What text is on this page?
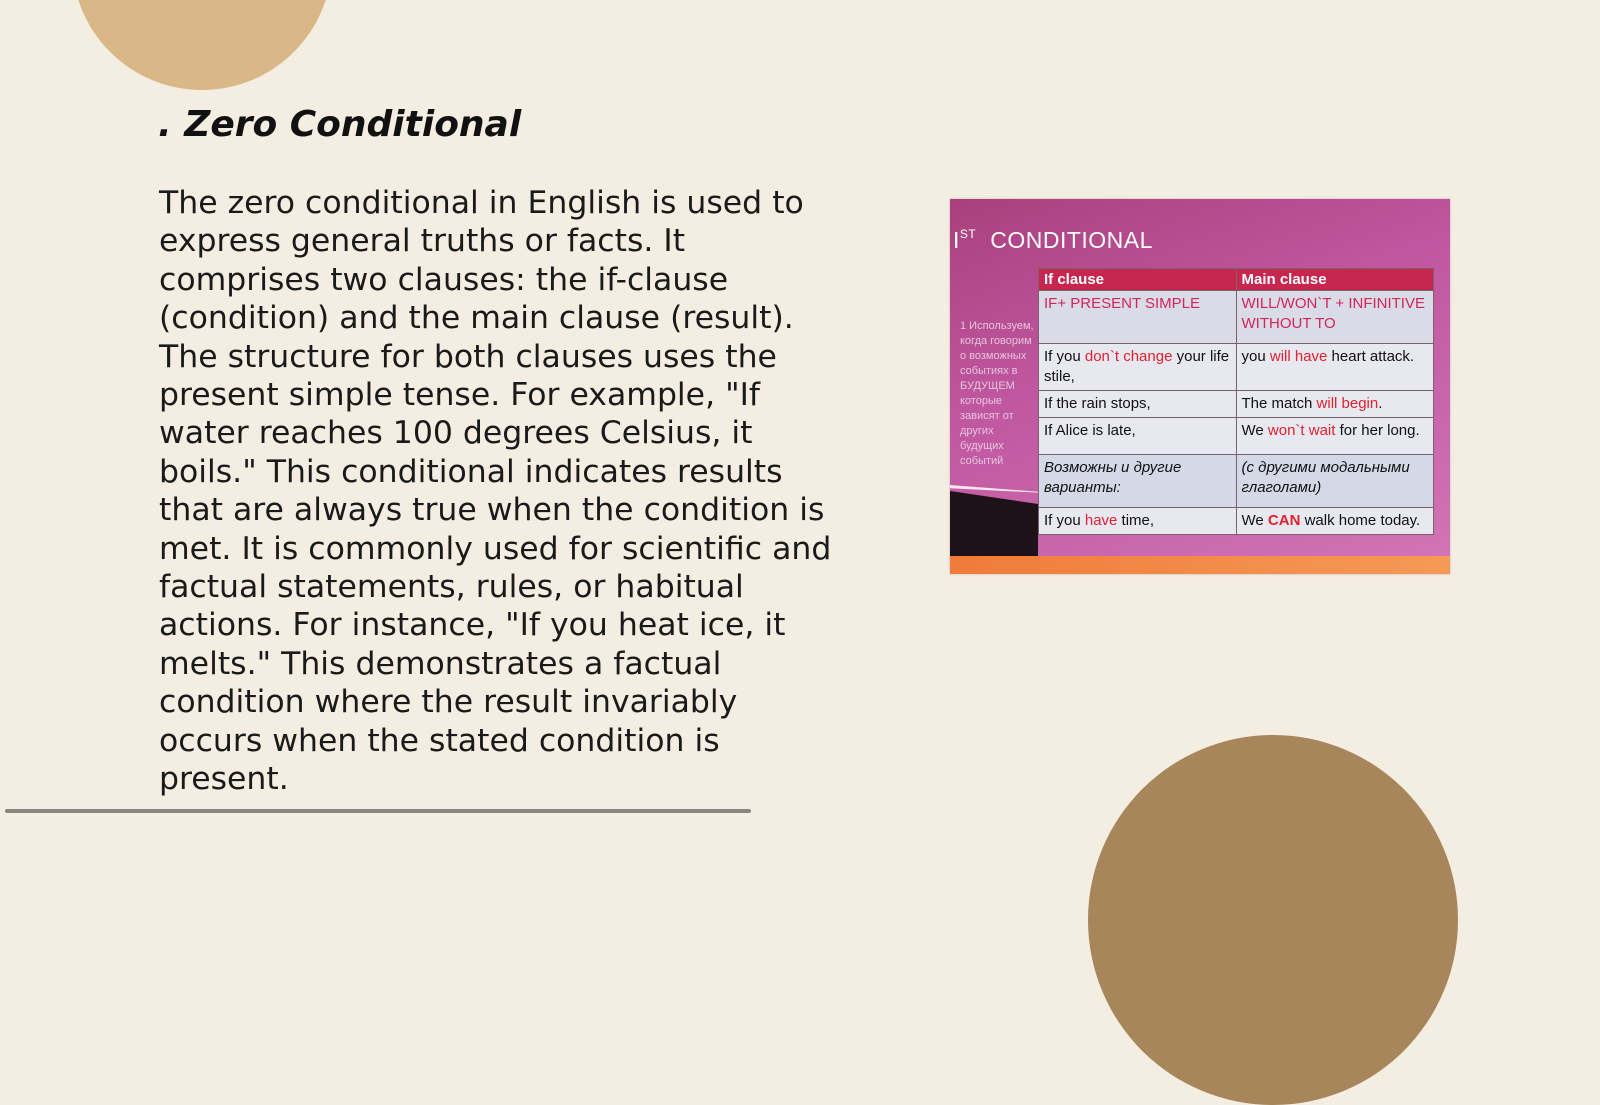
. Zero Conditional

The zero conditional in English is used to express general truths or facts. It comprises two clauses: the if-clause (condition) and the main clause (result). The structure for both clauses uses the present simple tense. For example, "If water reaches 100 degrees Celsius, it boils." This conditional indicates results that are always true when the condition is met. It is commonly used for scientific and factual statements, rules, or habitual actions. For instance, "If you heat ice, it melts." This demonstrates a factual condition where the result invariably occurs when the stated condition is present.

IST CONDITIONAL
1 Используем, когда говорим о возможных событиях в БУДУЩЕМ которые зависят от других будущих событий
If clause	Main clause
IF+ PRESENT SIMPLE	WILL/WON`T + INFINITIVE WITHOUT TO
If you don`t change your life stile,	you will have heart attack.
If the rain stops,	The match will begin.
If Alice is late,	We won`t wait for her long.
Возможны и другие варианты:	(с другими модальными глаголами)
If you have time,	We CAN walk home today.
